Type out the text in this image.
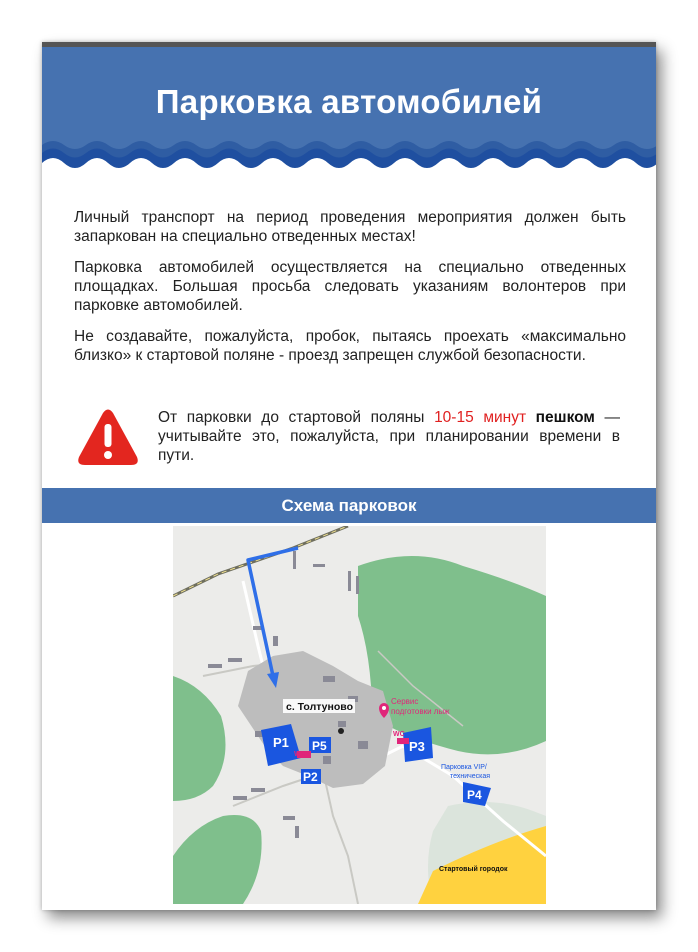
Парковка автомобилей

Личный транспорт на период проведения мероприятия должен быть запаркован на специально отведенных местах!

Парковка автомобилей осуществляется на специально отведенных площадках. Большая просьба следовать указаниям волонтеров при парковке автомобилей.

Не создавайте, пожалуйста, пробок, пытаясь проехать «максимально близко» к стартовой поляне - проезд запрещен службой безопасности.

От парковки до стартовой поляны 10-15 минут пешком — учитывайте это, пожалуйста, при планировании времени в пути.
Схема парковок
P1 P5
P2
P3
P4
WC
WC
с. Толтуново	Сервис
подготовки лыж
Парковка VIP/
техническая
Стартовый городок
